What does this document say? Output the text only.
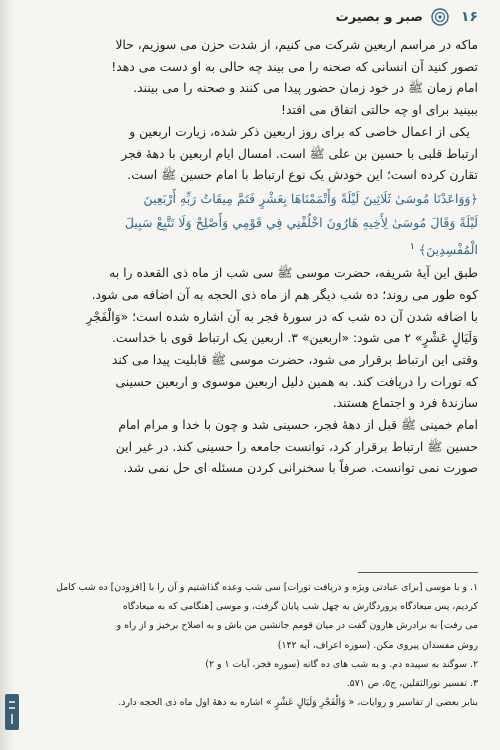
صبر و بصیرت	۱۶

ماکه در مراسم اربعین شرکت می کنیم، از شدت حزن می سوزیم، حالا
تصور کنید آن انسانی که صحنه را می بیند چه حالی به او دست می دهد!
امام زمان ﷺ در خود زمان حضور پیدا می کنند و صحنه را می بینند.
ببینید برای او چه حالتی اتفاق می افتد!

یکی از اعمال خاصی که برای روز اربعین ذکر شده، زیارت اربعین و
ارتباط قلبی با حسین بن علی ﷺ است. امسال ایام اربعین با دههٔ فجر
تقارن کرده است؛ این خودش یک نوع ارتباط با امام حسین ﷺ است.

﴿وَوَاعَدْنَا مُوسَىٰ ثَلَاثِينَ لَيْلَةً وَأَتْمَمْنَاهَا بِعَشْرٍ فَتَمَّ مِيقَاتُ رَبِّهِ أَرْبَعِينَ
لَيْلَةً وَقَالَ مُوسَىٰ لِأَخِيهِ هَارُونَ اخْلُفْنِي فِي قَوْمِي وَأَصْلِحْ وَلَا تَتَّبِعْ سَبِيلَ
الْمُفْسِدِينَ﴾ $^۱$

طبق این آیهٔ شریفه، حضرت موسی ﷺ سی شب از ماه ذی القعده را به
کوه طور می روند؛ ده شب دیگر هم از ماه ذی الحجه به آن اضافه می شود.
با اضافه شدن آن ده شب که در سورهٔ فجر به آن اشاره شده است؛ «وَالْفَجْرِ
وَلَيَالٍ عَشْرٍ» ۲ می شود: «اربعین» ۳. اربعین یک ارتباط قوی با خداست.
وقتی این ارتباط برقرار می شود، حضرت موسی ﷺ قابلیت پیدا می کند
که تورات را دریافت کند. به همین دلیل اربعین موسوی و اربعین حسینی
سازندهٔ فرد و اجتماع هستند.

امام خمینی ﷺ قبل از دههٔ فجر، حسینی شد و چون با خدا و مرام امام
حسین ﷺ ارتباط برقرار کرد، توانست جامعه را حسینی کند. در غیر این
صورت نمی توانست. صرفاً با سخنرانی کردن مسئله ای حل نمی شد.

۱. و با موسی [برای عبادتی ویژه و دریافت تورات] سی شب وعده گذاشتیم و آن را با [افزودن] ده شب کامل
کردیم، پس میعادگاه پروردگارش به چهل شب پایان گرفت، و موسی [هنگامی که به میعادگاه
می رفت] به برادرش هارون گفت در میان قومم جانشین من باش و به اصلاح برخیز و از راه و
روش مفسدان پیروی مکن. (سوره اعراف، آیه ۱۴۲)
۲. سوگند به سپیده دم. و به شب های ده گانه (سوره فجر، آیات ۱ و ۲)
۳. تفسیر نورالثقلین، ج۵، ص ۵۷۱.
بنابر بعضی از تفاسیر و روایات، « وَالْفَجْرِ وَلَيَالٍ عَشْرٍ » اشاره به دههٔ اول ماه ذی الحجه دارد.
